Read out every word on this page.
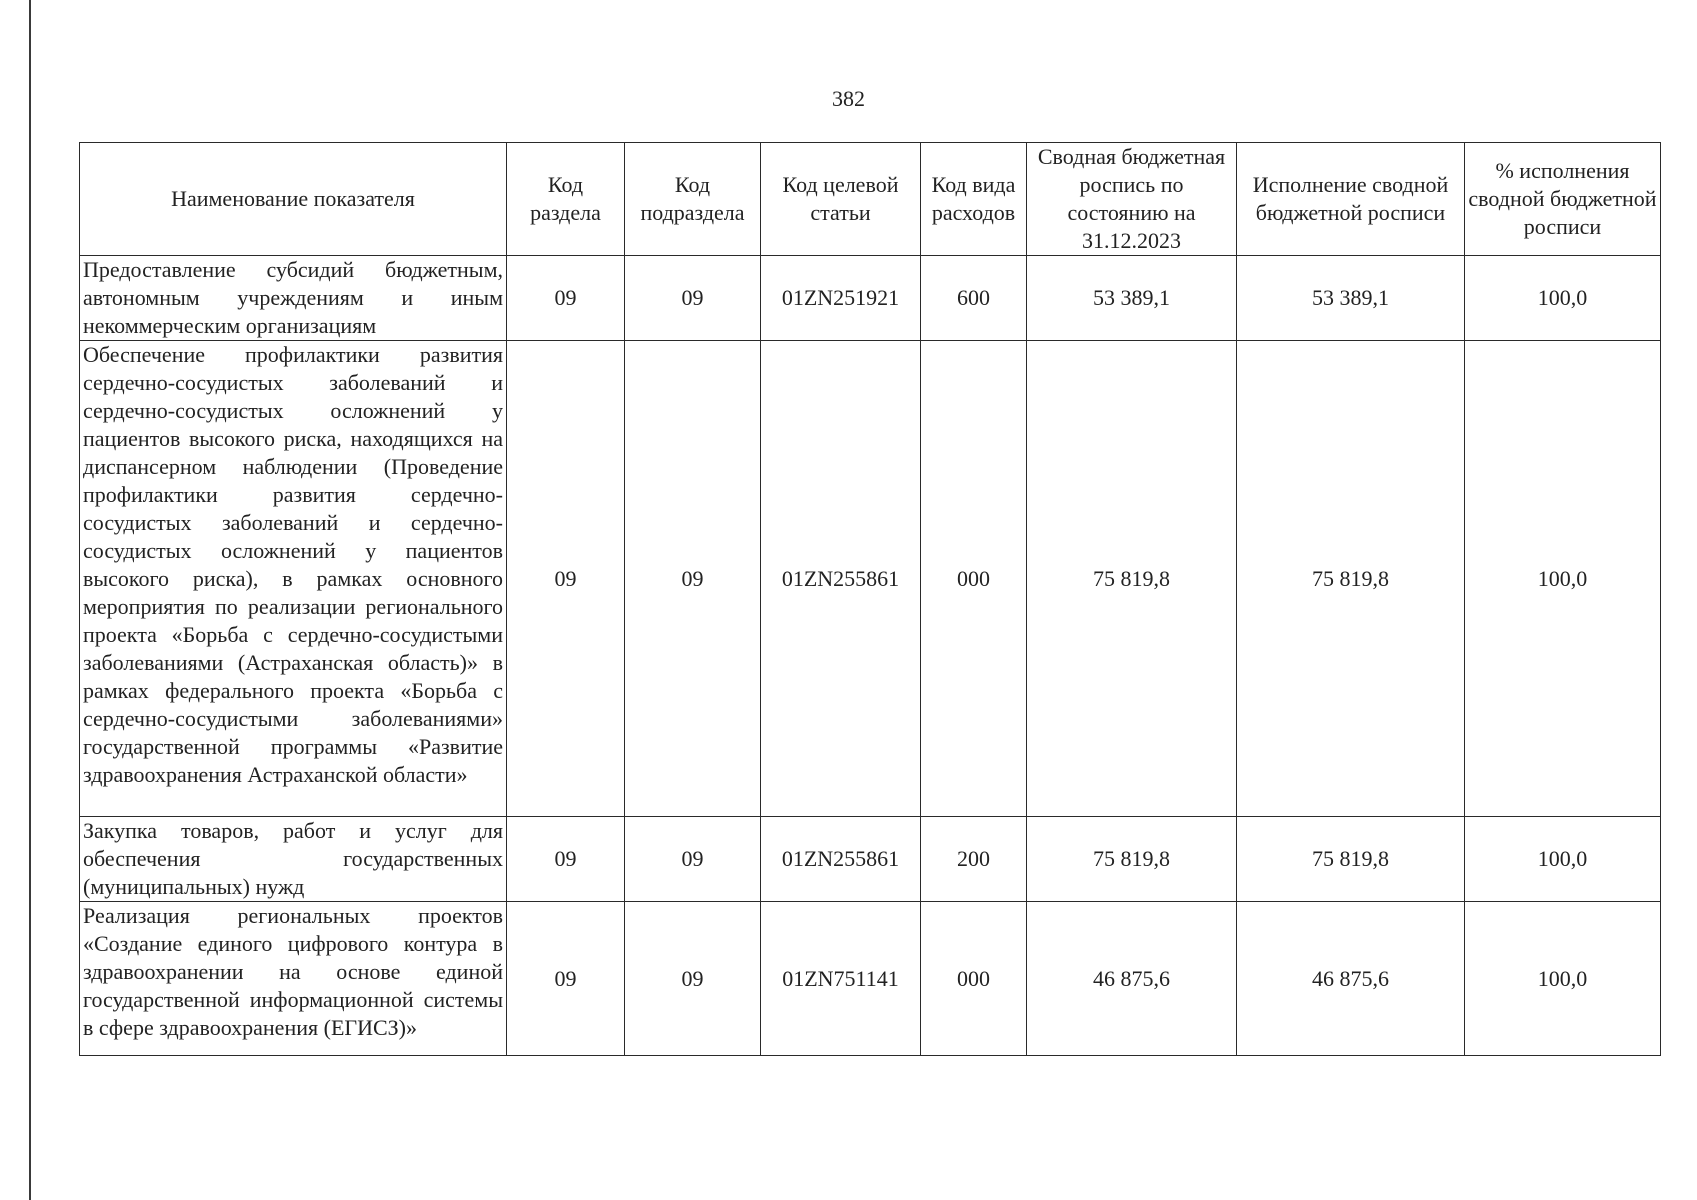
382
Наименование показателя	Код раздела	Код подраздела	Код целевой статьи	Код вида расходов	Сводная бюджетная роспись по состоянию на 31.12.2023	Исполнение сводной бюджетной росписи	% исполнения сводной бюджетной росписи
Предоставление субсидий бюджетным, автономным учреждениям и иным некоммерческим организациям	09	09	01ZN251921	600	53 389,1	53 389,1	100,0
Обеспечение профилактики развития сердечно-сосудистых заболеваний и сердечно-сосудистых осложнений у пациентов высокого риска, находящихся на диспансерном наблюдении (Проведение профилактики развития сердечно-сосудистых заболеваний и сердечно-сосудистых осложнений у пациентов высокого риска), в рамках основного мероприятия по реализации регионального проекта «Борьба с сердечно-сосудистыми заболеваниями (Астраханская область)» в рамках федерального проекта «Борьба с сердечно-сосудистыми заболеваниями» государственной программы «Развитие здравоохранения Астраханской области»	09	09	01ZN255861	000	75 819,8	75 819,8	100,0
Закупка товаров, работ и услуг для обеспечения государственных (муниципальных) нужд	09	09	01ZN255861	200	75 819,8	75 819,8	100,0
Реализация региональных проектов «Создание единого цифрового контура в здравоохранении на основе единой государственной информационной системы в сфере здравоохранения (ЕГИСЗ)»	09	09	01ZN751141	000	46 875,6	46 875,6	100,0
